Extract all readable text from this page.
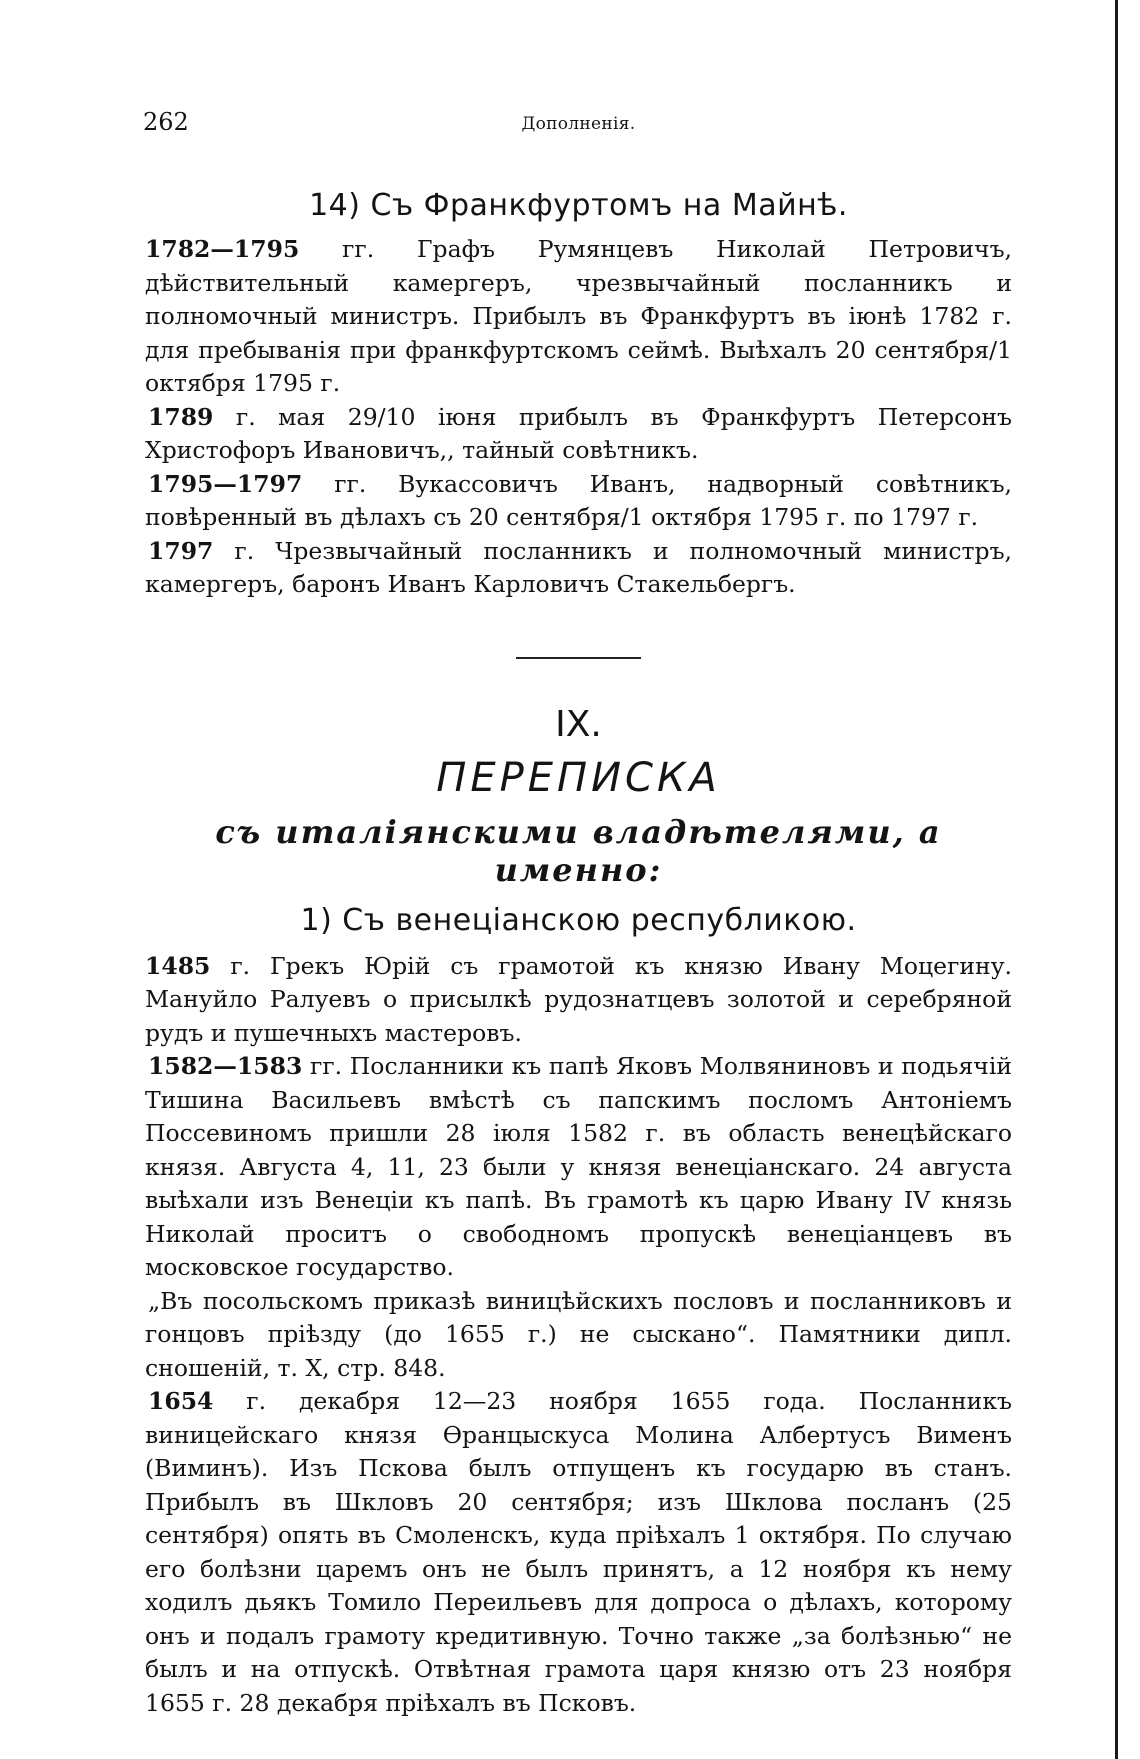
262	Дополненія.
14) Съ Франкфуртомъ на Майнѣ.

1782—1795 гг. Графъ Румянцевъ Николай Петровичъ, дѣйствительный камергеръ, чрезвычайный посланникъ и полномочный министръ. Прибылъ въ Франкфуртъ въ іюнѣ 1782 г. для пребыванія при франкфуртскомъ сеймѣ. Выѣхалъ 20 сентября/1 октября 1795 г.

1789 г. мая 29/10 іюня прибылъ въ Франкфуртъ Петерсонъ Христофоръ Ивановичъ,, тайный совѣтникъ.

1795—1797 гг. Вукассовичъ Иванъ, надворный совѣтникъ, повѣренный въ дѣлахъ съ 20 сентября/1 октября 1795 г. по 1797 г.

1797 г. Чрезвычайный посланникъ и полномочный министръ, камергеръ, баронъ Иванъ Карловичъ Стакельбергъ.

IX.
ПЕРЕПИСКА
съ италіянскими владѣтелями, а именно:
1) Съ венеціанскою республикою.

1485 г. Грекъ Юрій съ грамотой къ князю Ивану Моцегину. Мануйло Ралуевъ о присылкѣ рудознатцевъ золотой и серебряной рудъ и пушечныхъ мастеровъ.

1582—1583 гг. Посланники къ папѣ Яковъ Молвяниновъ и подьячій Тишина Васильевъ вмѣстѣ съ папскимъ посломъ Антоніемъ Поссевиномъ пришли 28 іюля 1582 г. въ область венецѣйскаго князя. Августа 4, 11, 23 были у князя венеціанскаго. 24 августа выѣхали изъ Венеціи къ папѣ. Въ грамотѣ къ царю Ивану IV князь Николай проситъ о свободномъ пропускѣ венеціанцевъ въ московское государство.

„Въ посольскомъ приказѣ виницѣйскихъ пословъ и посланниковъ и гонцовъ пріѣзду (до 1655 г.) не сыскано“. Памятники дипл. сношеній, т. X, стр. 848.

1654 г. декабря 12—23 ноября 1655 года. Посланникъ виницейскаго князя Ѳранцыскуса Молина Албертусъ Вименъ (Виминъ). Изъ Пскова былъ отпущенъ къ государю въ станъ. Прибылъ въ Шкловъ 20 сентября; изъ Шклова посланъ (25 сентября) опять въ Смоленскъ, куда пріѣхалъ 1 октября. По случаю его болѣзни царемъ онъ не былъ принятъ, а 12 ноября къ нему ходилъ дьякъ Томило Переильевъ для допроса о дѣлахъ, которому онъ и подалъ грамоту кредитивную. Точно также „за болѣзнью“ не былъ и на отпускѣ. Отвѣтная грамота царя князю отъ 23 ноября 1655 г. 28 декабря пріѣхалъ въ Псковъ.
